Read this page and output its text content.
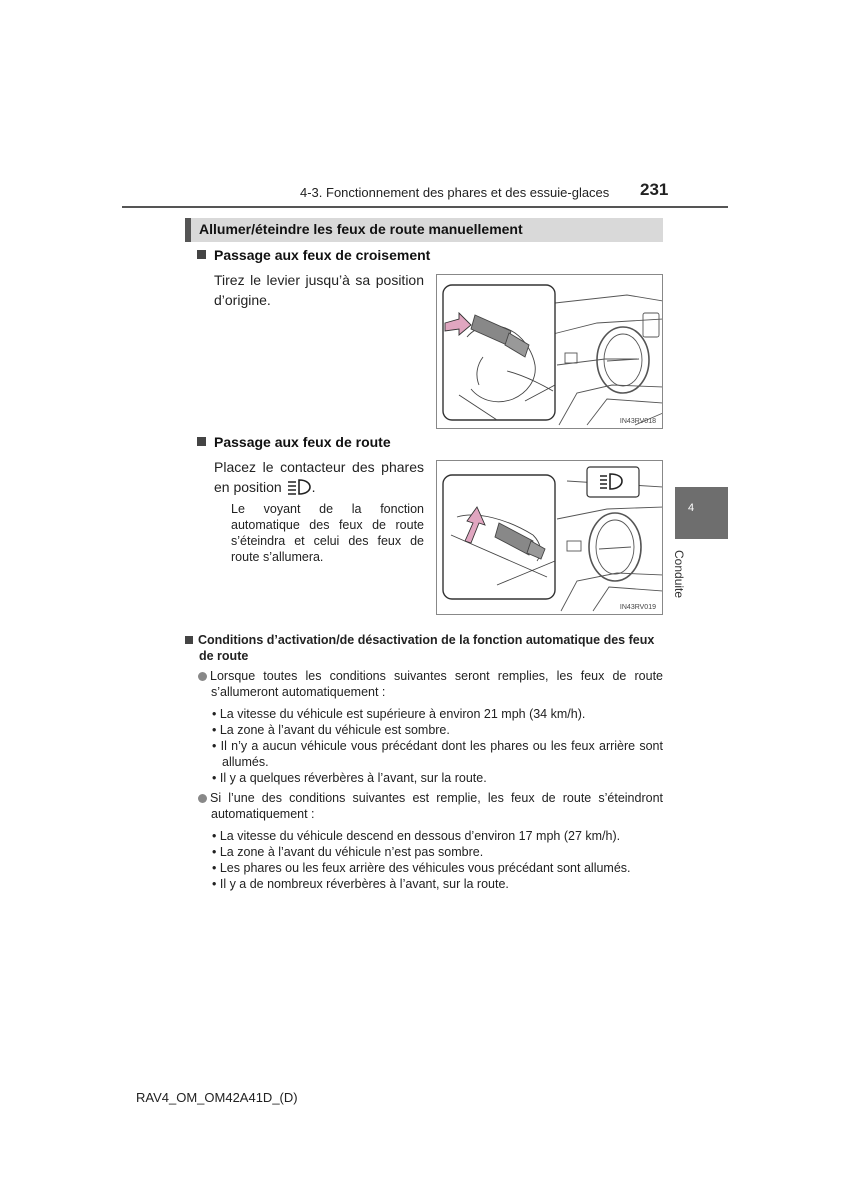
4-3. Fonctionnement des phares et des essuie-glaces 231
Allumer/éteindre les feux de route manuellement
Passage aux feux de croisement
Tirez le levier jusqu’à sa position d’origine.
IN43RV018
Passage aux feux de route
Placez le contacteur des phares en position .
Le voyant de la fonction automatique des feux de route s’éteindra et celui des feux de route s’allumera.
IN43RV019
4
Conduite
Conditions d’activation/de désactivation de la fonction automatique des feux de route
Lorsque toutes les conditions suivantes seront remplies, les feux de route s’allumeront automatiquement :
• La vitesse du véhicule est supérieure à environ 21 mph (34 km/h).
• La zone à l’avant du véhicule est sombre.
• Il n’y a aucun véhicule vous précédant dont les phares ou les feux arrière sont allumés.
• Il y a quelques réverbères à l’avant, sur la route.
Si l’une des conditions suivantes est remplie, les feux de route s’éteindront automatiquement :
• La vitesse du véhicule descend en dessous d’environ 17 mph (27 km/h).
• La zone à l’avant du véhicule n’est pas sombre.
• Les phares ou les feux arrière des véhicules vous précédant sont allumés.
• Il y a de nombreux réverbères à l’avant, sur la route.
RAV4_OM_OM42A41D_(D)
